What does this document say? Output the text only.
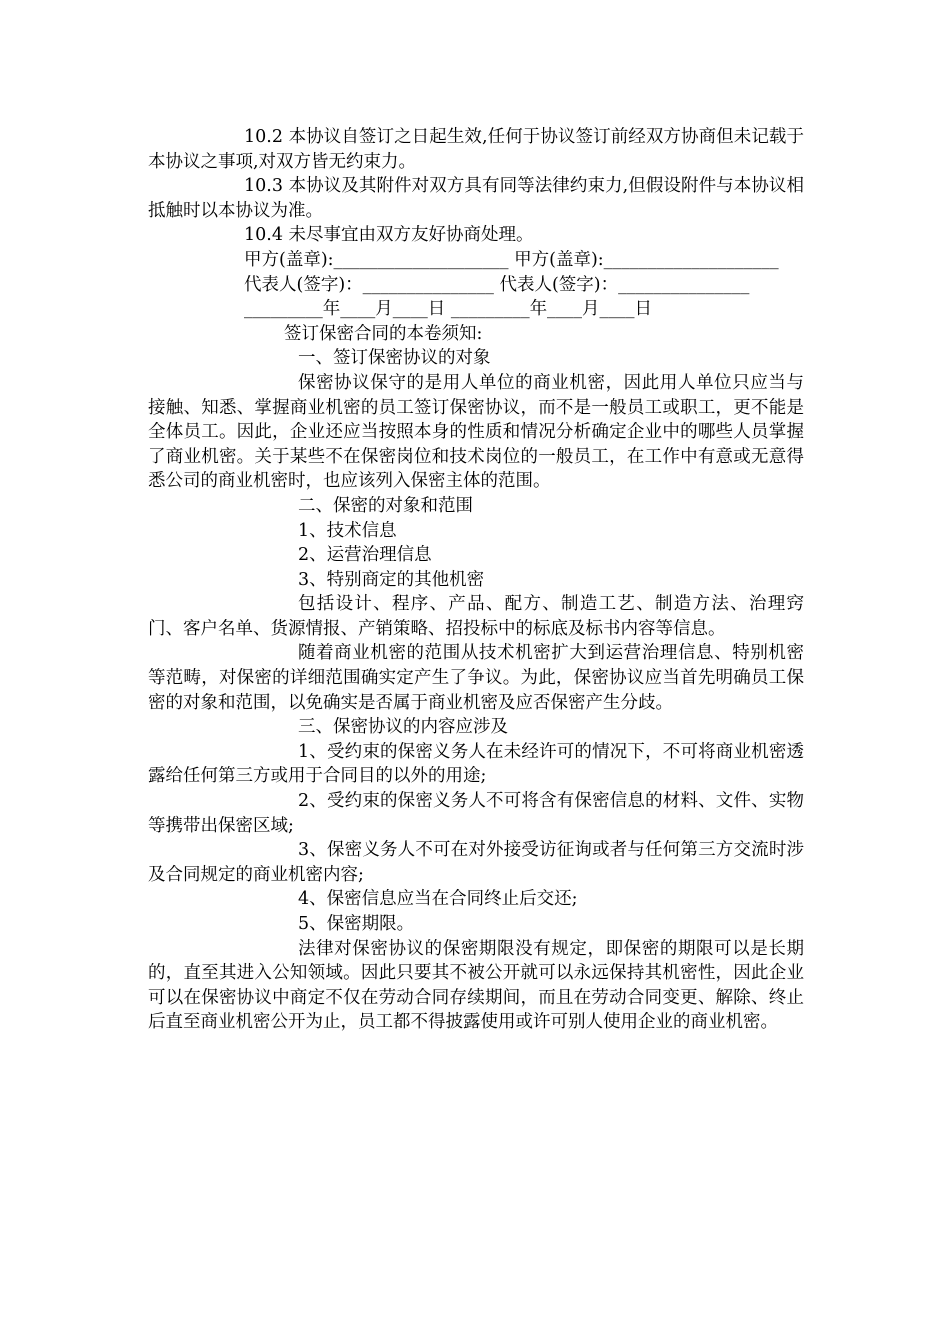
10.2 本协议自签订之日起生效,任何于协议签订前经双方协商但未记载于本协议之事项,对双方皆无约束力。

10.3 本协议及其附件对双方具有同等法律约束力,但假设附件与本协议相抵触时以本协议为准。

10.4 未尽事宜由双方友好协商处理。

甲方(盖章):____________________ 甲方(盖章):____________________

代表人(签字)：_______________ 代表人(签字)：_______________

_________年____月____日 _________年____月____日

签订保密合同的本卷须知:

一、签订保密协议的对象

保密协议保守的是用人单位的商业机密，因此用人单位只应当与接触、知悉、掌握商业机密的员工签订保密协议，而不是一般员工或职工，更不能是全体员工。因此，企业还应当按照本身的性质和情况分析确定企业中的哪些人员掌握了商业机密。关于某些不在保密岗位和技术岗位的一般员工，在工作中有意或无意得悉公司的商业机密时，也应该列入保密主体的范围。

二、保密的对象和范围

1、技术信息

2、运营治理信息

3、特别商定的其他机密

包括设计、程序、产品、配方、制造工艺、制造方法、治理窍门、客户名单、货源情报、产销策略、招投标中的标底及标书内容等信息。

随着商业机密的范围从技术机密扩大到运营治理信息、特别机密等范畴，对保密的详细范围确实定产生了争议。为此，保密协议应当首先明确员工保密的对象和范围，以免确实是否属于商业机密及应否保密产生分歧。

三、保密协议的内容应涉及

1、受约束的保密义务人在未经许可的情况下，不可将商业机密透露给任何第三方或用于合同目的以外的用途;

2、受约束的保密义务人不可将含有保密信息的材料、文件、实物等携带出保密区域;

3、保密义务人不可在对外接受访征询或者与任何第三方交流时涉及合同规定的商业机密内容;

4、保密信息应当在合同终止后交还;

5、保密期限。

法律对保密协议的保密期限没有规定，即保密的期限可以是长期的，直至其进入公知领域。因此只要其不被公开就可以永远保持其机密性，因此企业可以在保密协议中商定不仅在劳动合同存续期间，而且在劳动合同变更、解除、终止后直至商业机密公开为止，员工都不得披露使用或许可别人使用企业的商业机密。
